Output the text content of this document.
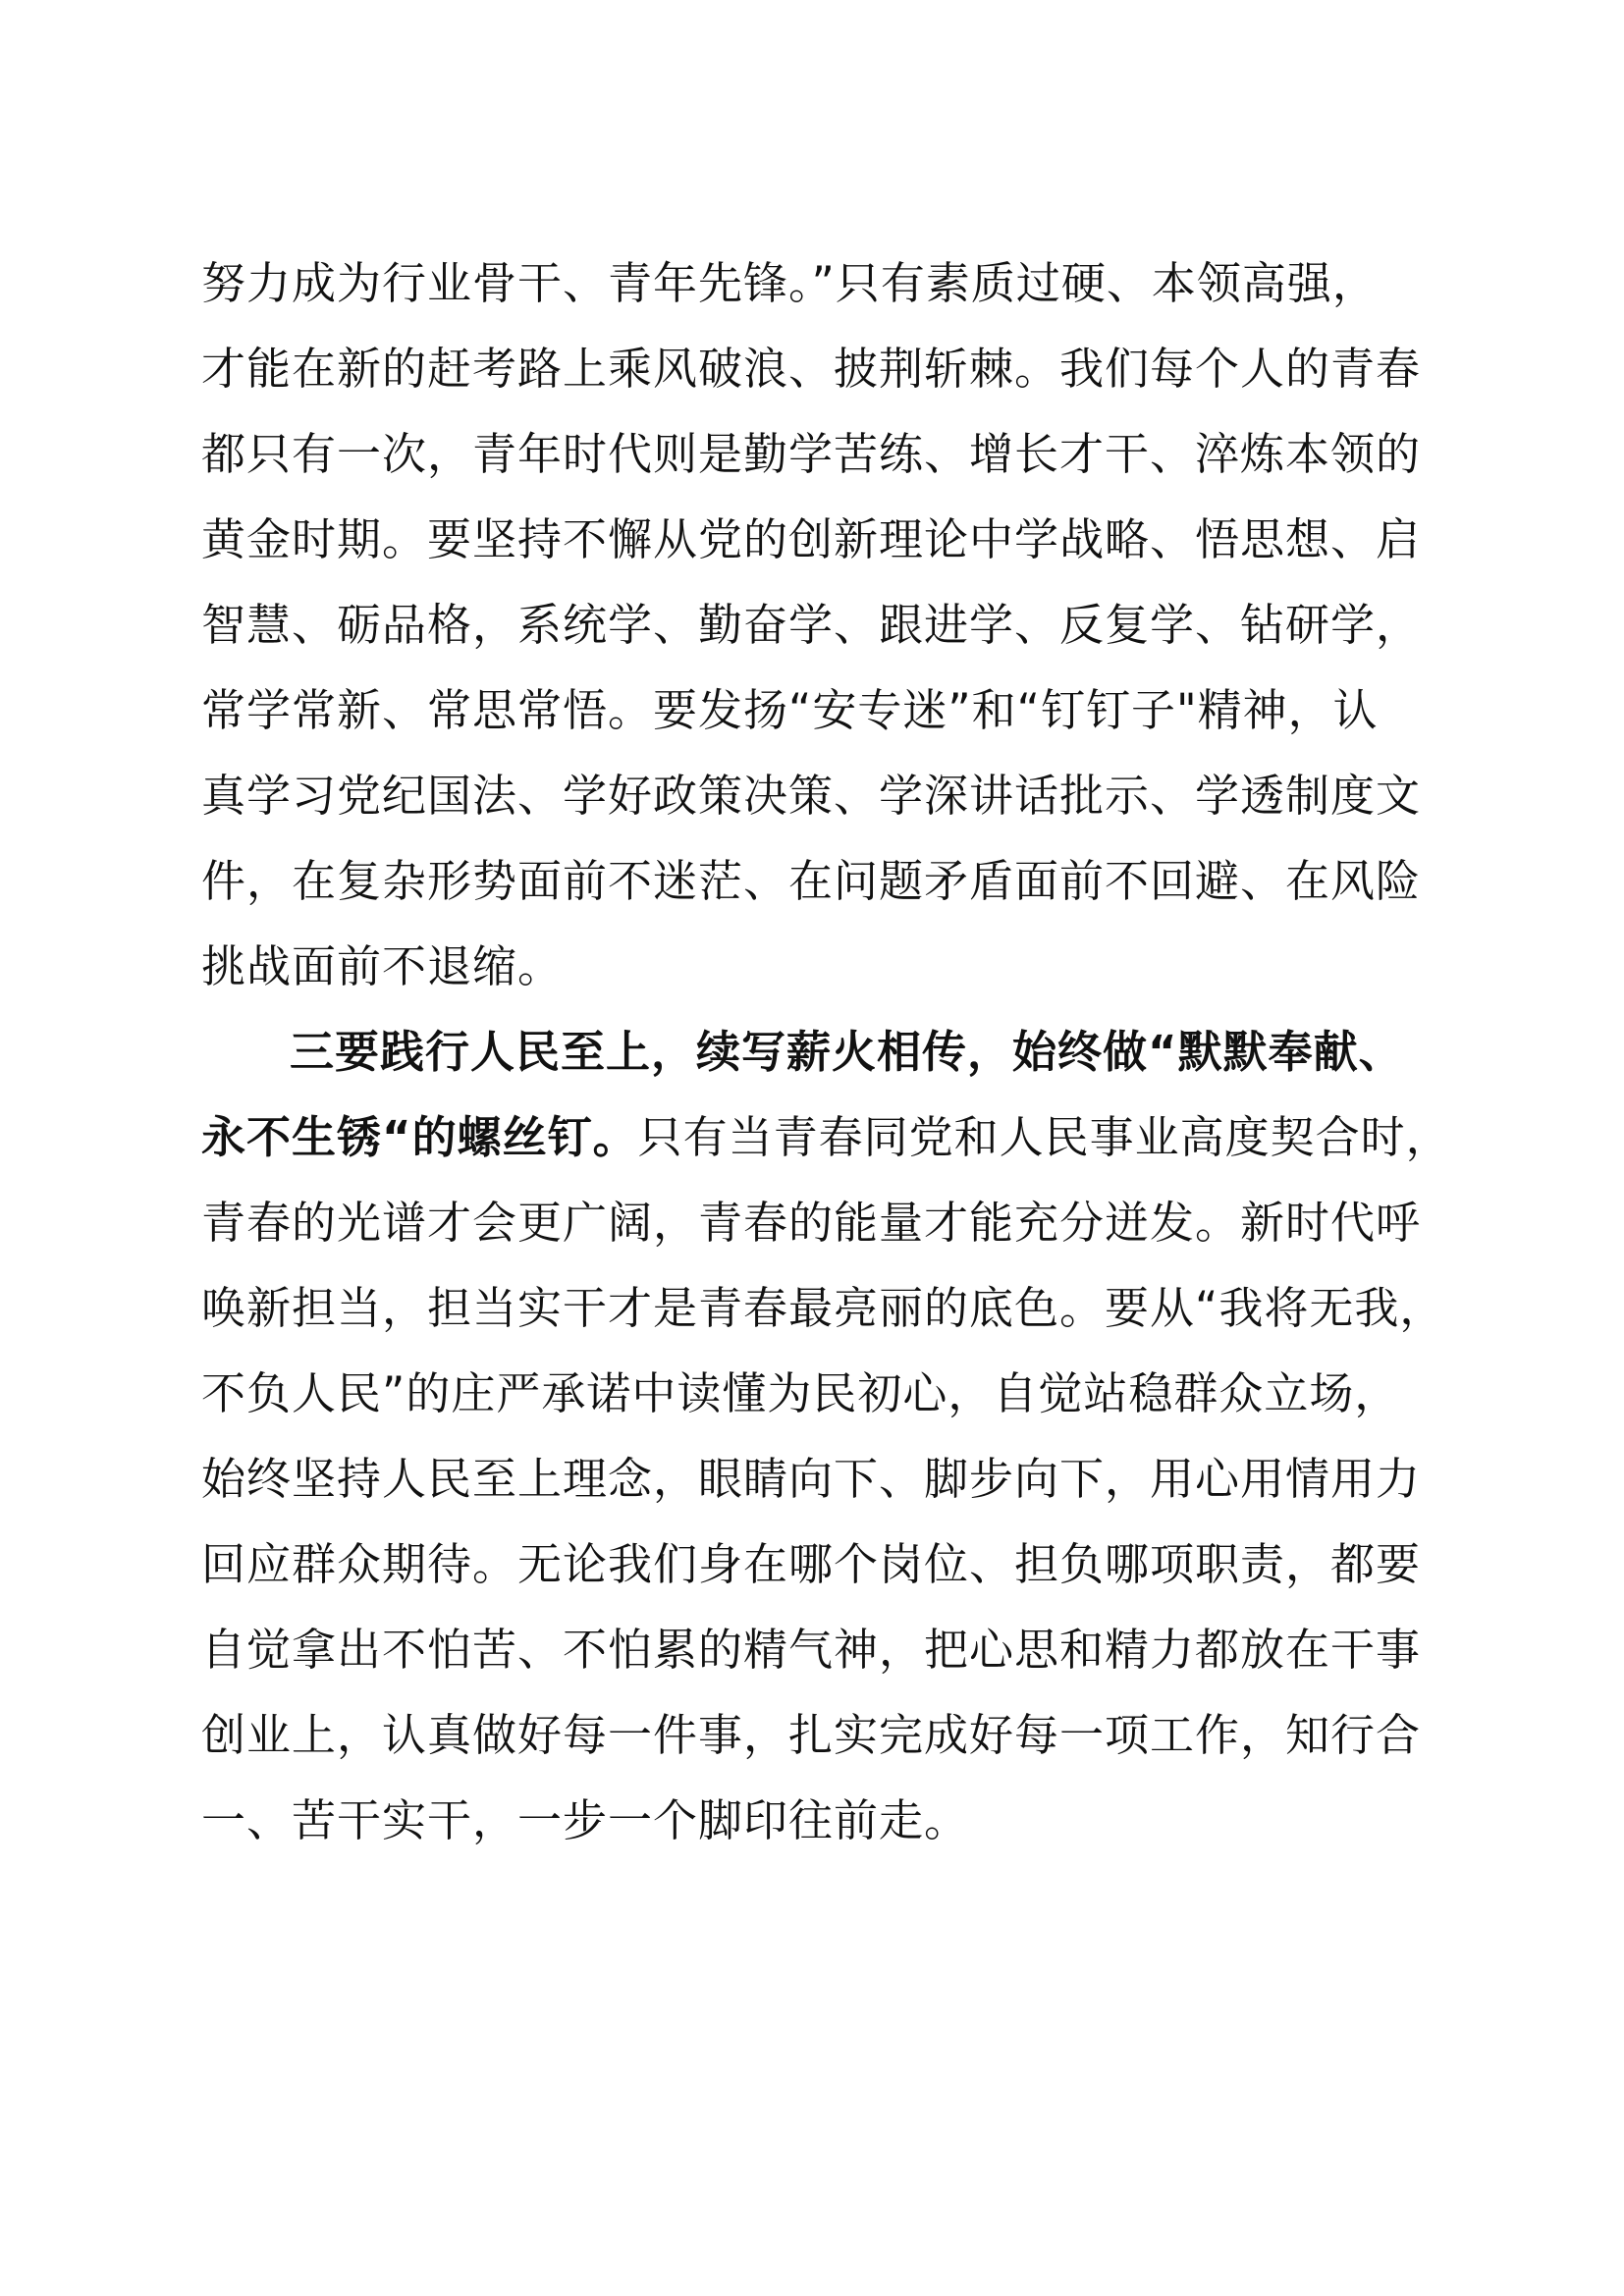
努力成为行业骨干、青年先锋。”只有素质过硬、本领高强，
才能在新的赶考路上乘风破浪、披荆斩棘。我们每个人的青春
都只有一次，青年时代则是勤学苦练、增长才干、淬炼本领的
黄金时期。要坚持不懈从党的创新理论中学战略、悟思想、启
智慧、砺品格，系统学、勤奋学、跟进学、反复学、钻研学，
常学常新、常思常悟。要发扬“安专迷”和“钉钉子"精神，认
真学习党纪国法、学好政策决策、学深讲话批示、学透制度文
件，在复杂形势面前不迷茫、在问题矛盾面前不回避、在风险
挑战面前不退缩。
三要践行人民至上，续写薪火相传，始终做“默默奉献、
永不生锈“的螺丝钉。只有当青春同党和人民事业高度契合时，
青春的光谱才会更广阔，青春的能量才能充分迸发。新时代呼
唤新担当，担当实干才是青春最亮丽的底色。要从“我将无我，
不负人民”的庄严承诺中读懂为民初心，自觉站稳群众立场，
始终坚持人民至上理念，眼睛向下、脚步向下，用心用情用力
回应群众期待。无论我们身在哪个岗位、担负哪项职责，都要
自觉拿出不怕苦、不怕累的精气神，把心思和精力都放在干事
创业上，认真做好每一件事，扎实完成好每一项工作，知行合
一、苦干实干，一步一个脚印往前走。
